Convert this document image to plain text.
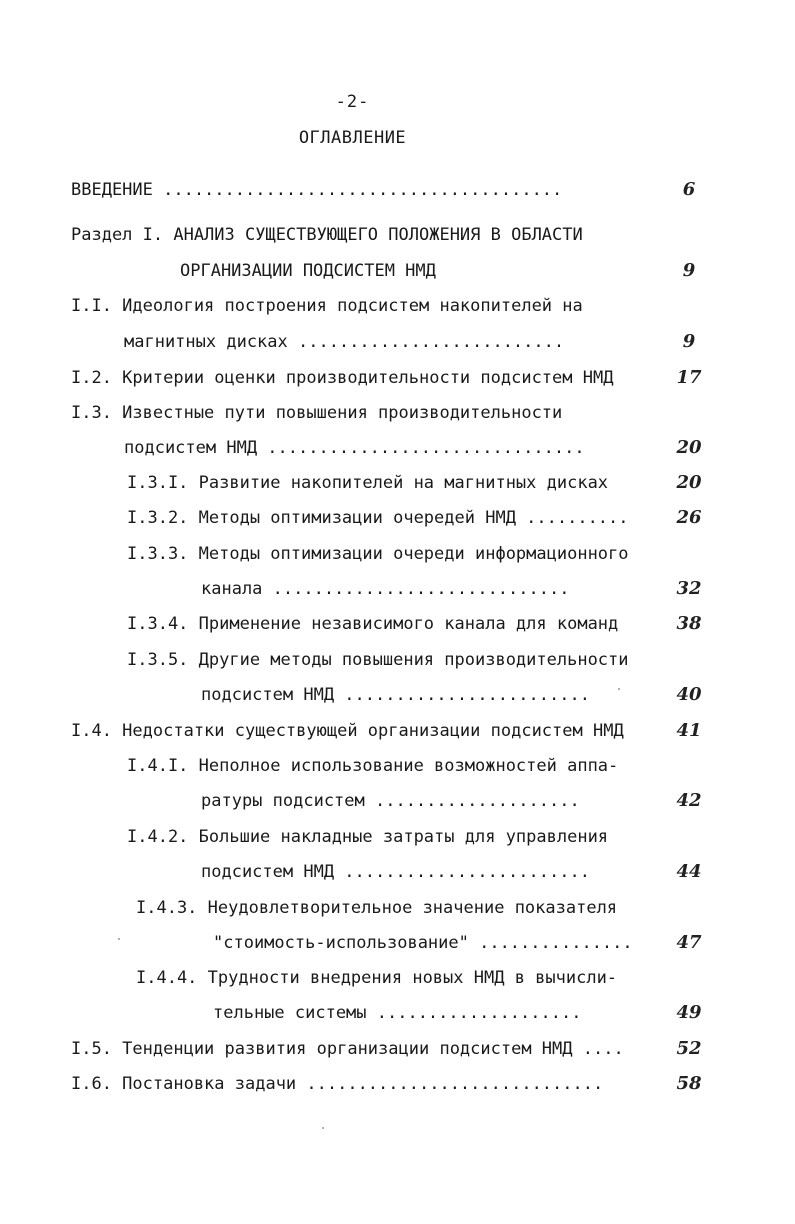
-2-
ОГЛАВЛЕНИЕ
ВВЕДЕНИЕ .......................................	6
Раздел I. АНАЛИЗ СУЩЕСТВУЮЩЕГО ПОЛОЖЕНИЯ В ОБЛАСТИ
ОРГАНИЗАЦИИ ПОДСИСТЕМ НМД	9
I.I. Идеология построения подсистем накопителей на
магнитных дисках ..........................	9
I.2. Критерии оценки производительности подсистем НМД	17
I.3. Известные пути повышения производительности
подсистем НМД ...............................	20
I.3.I. Развитие накопителей на магнитных дисках	20
I.3.2. Методы оптимизации очередей НМД ..........	26
I.3.3. Методы оптимизации очереди информационного
канала .............................	32
I.3.4. Применение независимого канала для команд	38
I.3.5. Другие методы повышения производительности
подсистем НМД ........................	40
I.4. Недостатки существующей организации подсистем НМД	41
I.4.I. Неполное использование возможностей аппа-
ратуры подсистем ....................	42
I.4.2. Большие накладные затраты для управления
подсистем НМД ........................	44
I.4.3. Неудовлетворительное значение показателя
"стоимость-использование" ...............	47
I.4.4. Трудности внедрения новых НМД в вычисли-
тельные системы ....................	49
I.5. Тенденции развития организации подсистем НМД ....	52
I.6. Постановка задачи .............................	58
